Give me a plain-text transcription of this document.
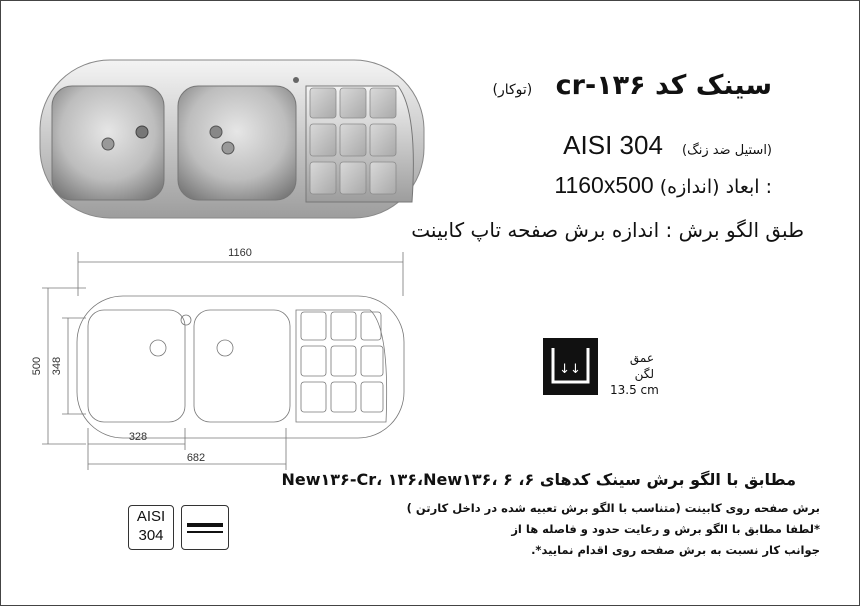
سینک کد ۱۳۶-cr (توکار)
(استیل ضد زنگ) AISI 304
: ابعاد (اندازه) 1160x500
طبق الگو برش : اندازه برش صفحه تاپ کابینت
1160
500 348
328
682
↓↓
عمق لگن
13.5 cm
مطابق با الگو برش سینک کدهای New۱۳۶-Cr، ۱۳۶،New۱۳۶، ۶ ،۶
برش صفحه روی کابینت (متناسب با الگو برش تعبیه شده در داخل کارتن )
*لطفا مطابق با الگو برش و رعایت حدود و فاصله ها از
جوانب کار نسبت به برش صفحه روی اقدام نمایید*.
AISI
304
